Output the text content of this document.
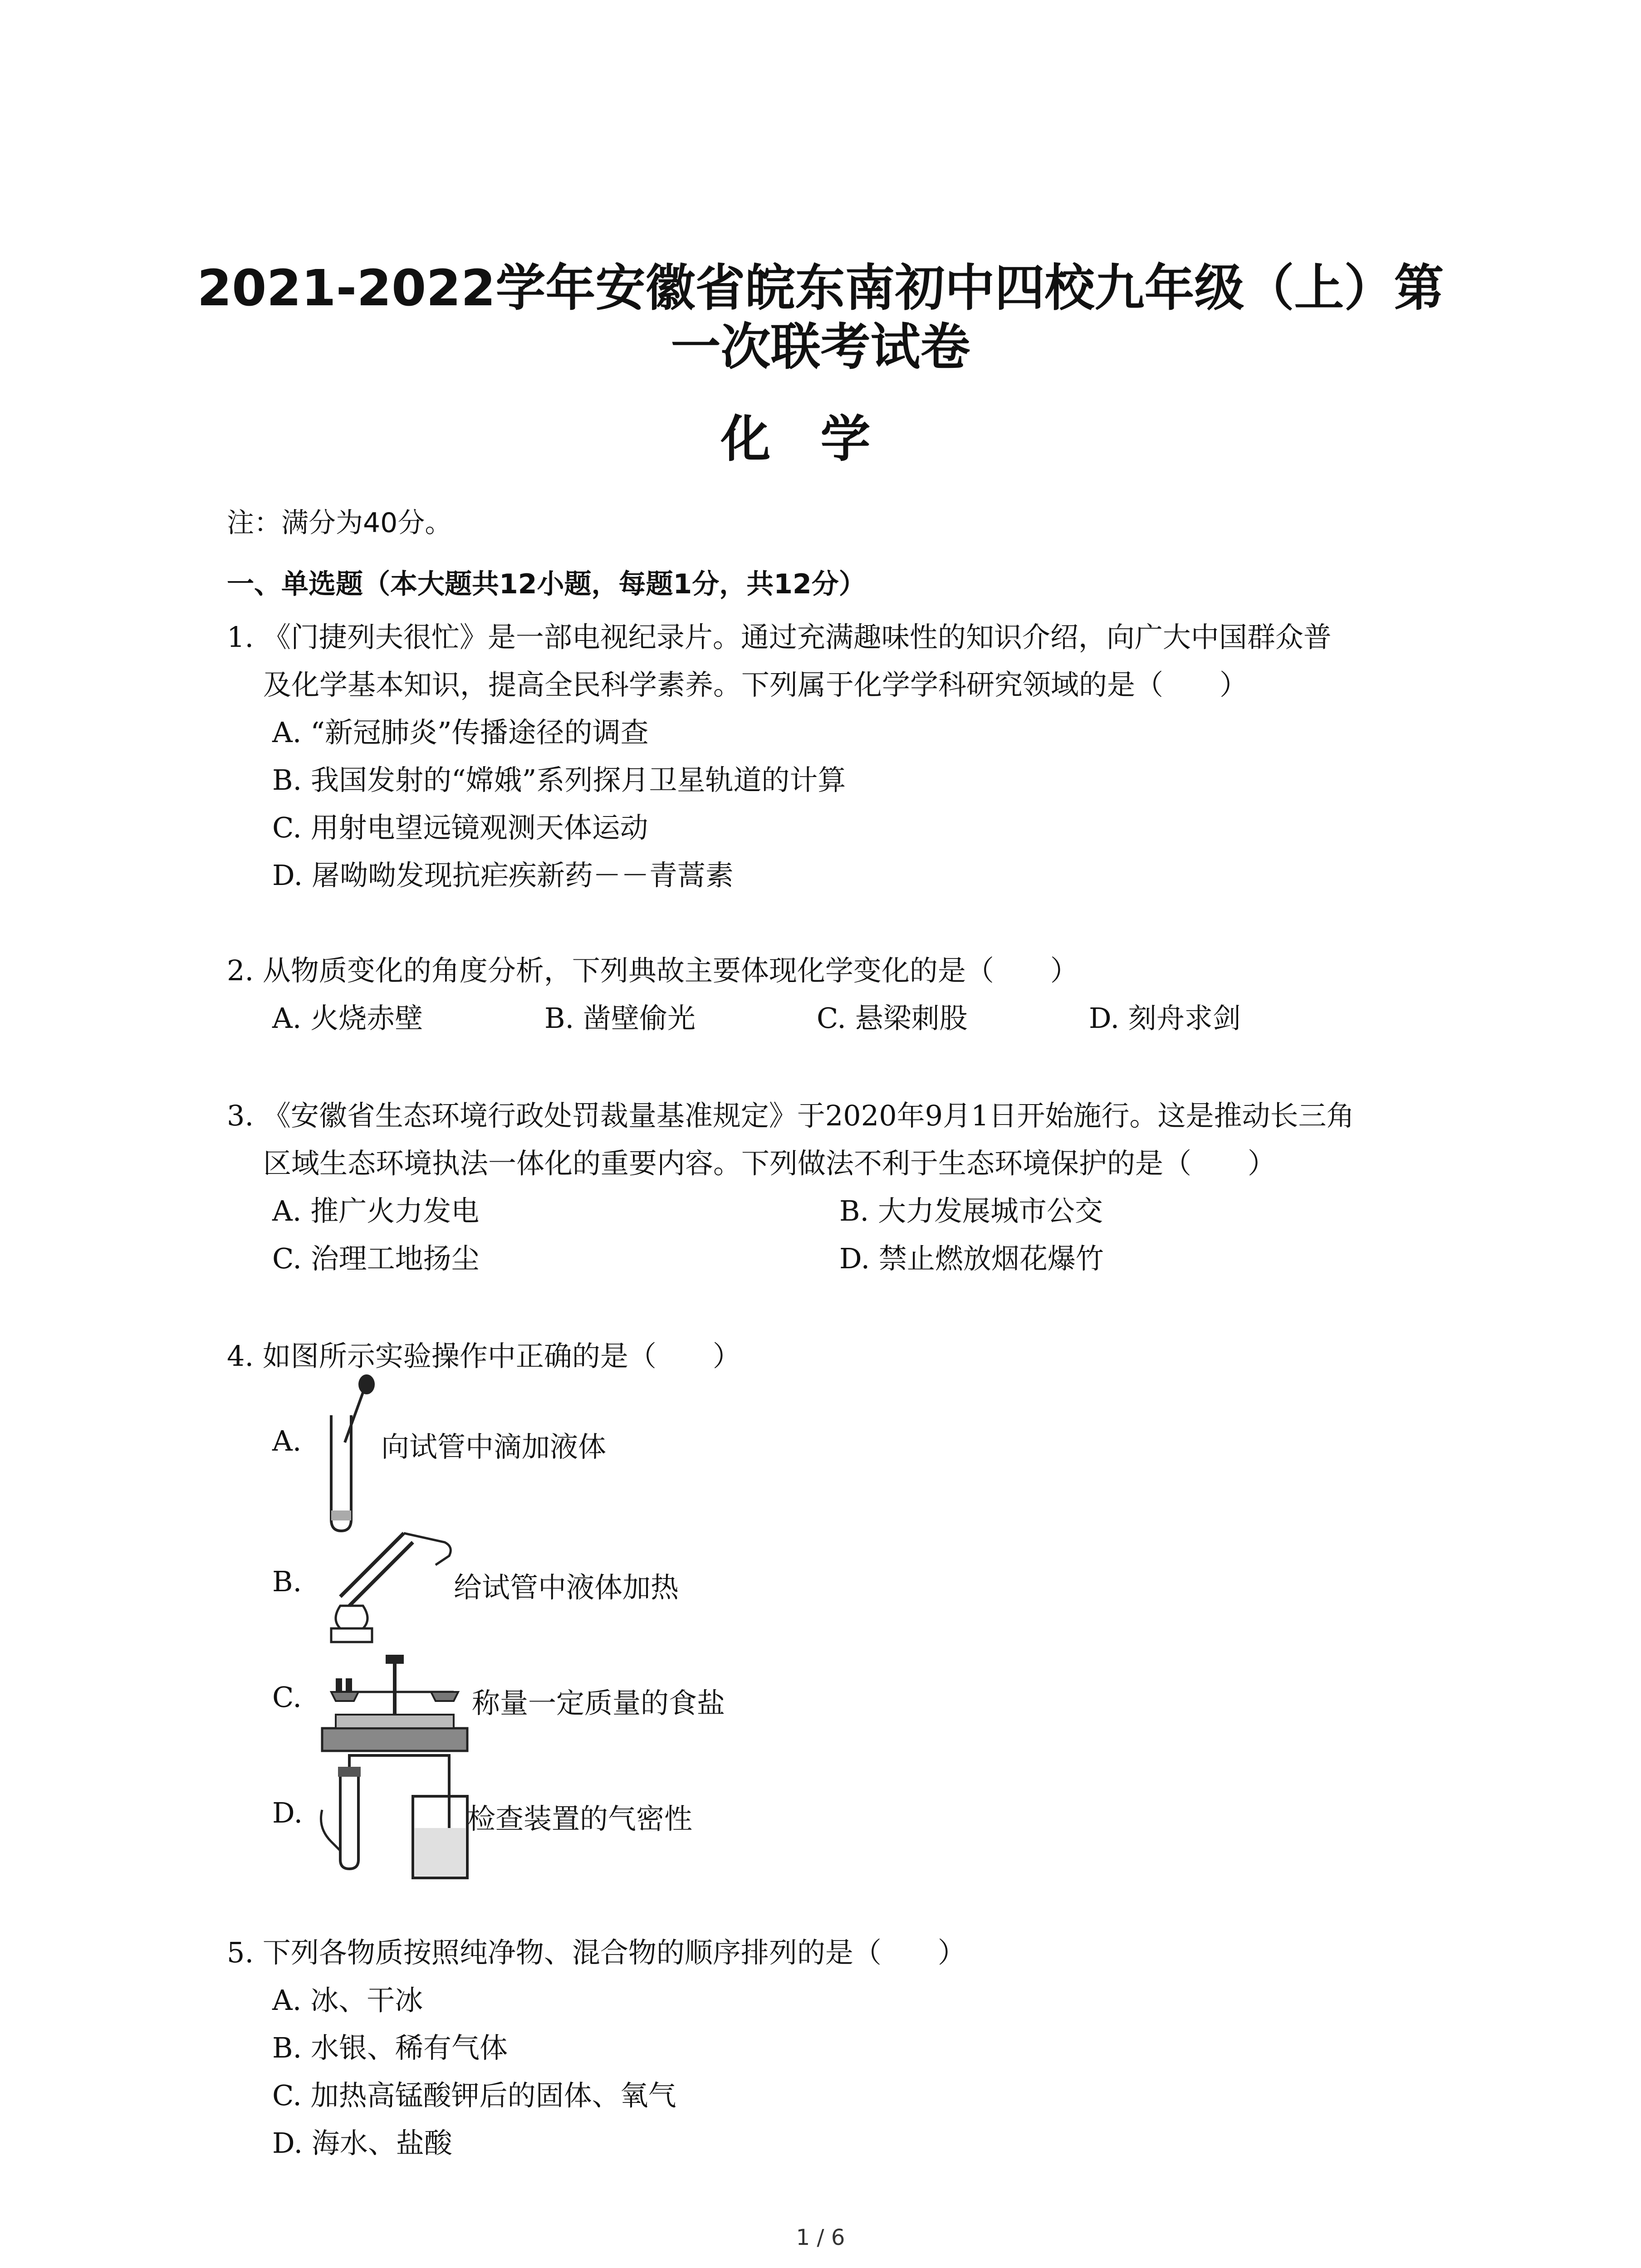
2021-2022学年安徽省皖东南初中四校九年级（上）第
一次联考试卷
化学
注：满分为40分。
一、单选题（本大题共12小题，每题1分，共12分）
1. 《门捷列夫很忙》是一部电视纪录片。通过充满趣味性的知识介绍，向广大中国群众普
及化学基本知识，提高全民科学素养。下列属于化学学科研究领域的是（　　）
A. “新冠肺炎”传播途径的调查
B. 我国发射的“嫦娥”系列探月卫星轨道的计算
C. 用射电望远镜观测天体运动
D. 屠呦呦发现抗疟疾新药－－青蒿素
2. 从物质变化的角度分析，下列典故主要体现化学变化的是（　　）
A. 火烧赤壁	B. 凿壁偷光	C. 悬梁刺股	D. 刻舟求剑
3. 《安徽省生态环境行政处罚裁量基准规定》于2020年9月1日开始施行。这是推动长三角
区域生态环境执法一体化的重要内容。下列做法不利于生态环境保护的是（　　）
A. 推广火力发电	B. 大力发展城市公交
C. 治理工地扬尘	D. 禁止燃放烟花爆竹
4. 如图所示实验操作中正确的是（　　）
A.	向试管中滴加液体
B.	给试管中液体加热
C.	称量一定质量的食盐
D.	检查装置的气密性
5. 下列各物质按照纯净物、混合物的顺序排列的是（　　）
A. 冰、干冰
B. 水银、稀有气体
C. 加热高锰酸钾后的固体、氧气
D. 海水、盐酸
1 / 6
